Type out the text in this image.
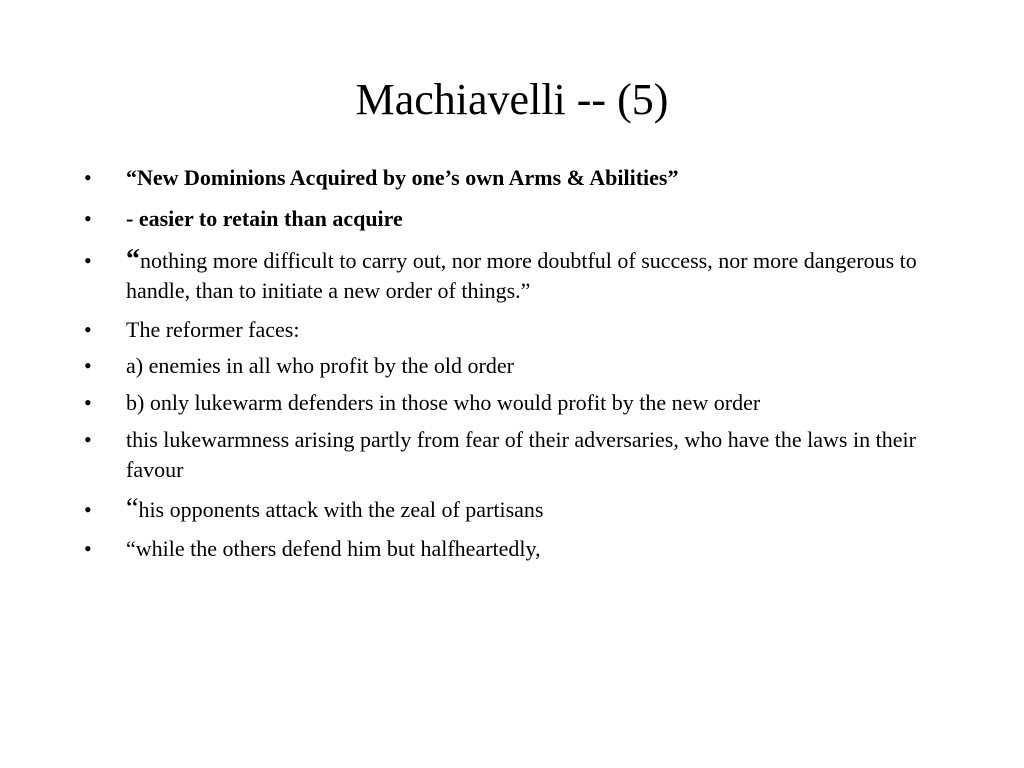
Machiavelli -- (5)
• “New Dominions Acquired by one’s own Arms & Abilities”
• - easier to retain than acquire
• “nothing more difficult to carry out, nor more doubtful of success, nor more dangerous to handle, than to initiate a new order of things.”
• The reformer faces:
• a) enemies in all who profit by the old order
• b) only lukewarm defenders in those who would profit by the new order
• this lukewarmness arising partly from fear of their adversaries, who have the laws in their favour
• “his opponents attack with the zeal of partisans
• “while the others defend him but halfheartedly,
